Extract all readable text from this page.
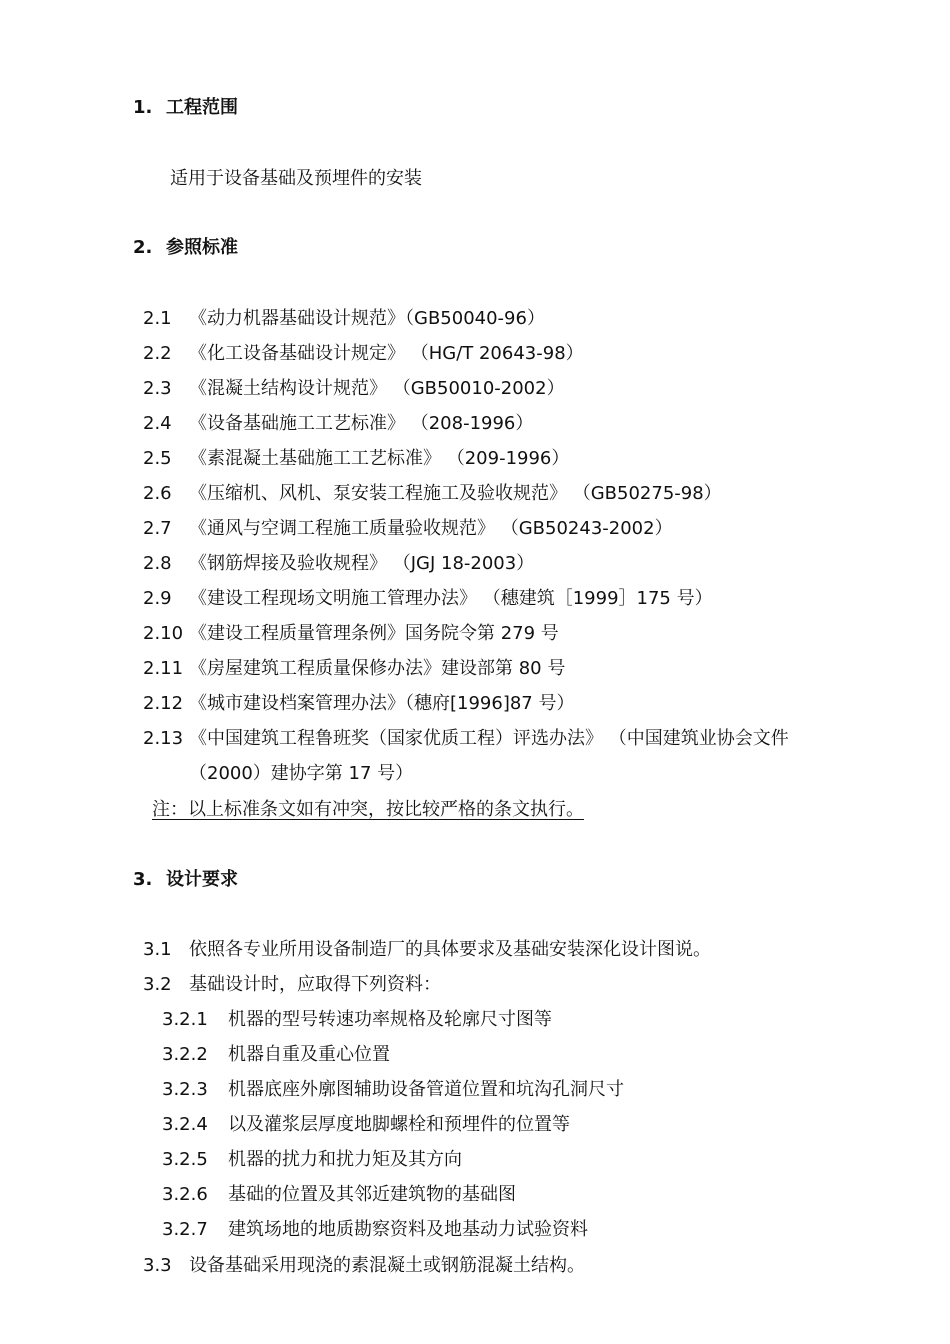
1. 工程范围
适用于设备基础及预埋件的安装
2. 参照标准
2.1 《动力机器基础设计规范》（GB50040-96）
2.2 《化工设备基础设计规定》 （HG/T 20643-98）
2.3 《混凝土结构设计规范》 （GB50010-2002）
2.4 《设备基础施工工艺标准》 （208-1996）
2.5 《素混凝土基础施工工艺标准》 （209-1996）
2.6 《压缩机、风机、泵安装工程施工及验收规范》 （GB50275-98）
2.7 《通风与空调工程施工质量验收规范》 （GB50243-2002）
2.8 《钢筋焊接及验收规程》 （JGJ 18-2003）
2.9 《建设工程现场文明施工管理办法》 （穗建筑［1999］175 号）
2.10 《建设工程质量管理条例》国务院令第 279 号
2.11 《房屋建筑工程质量保修办法》建设部第 80 号
2.12 《城市建设档案管理办法》（穗府[1996]87 号）
2.13 《中国建筑工程鲁班奖（国家优质工程）评选办法》 （中国建筑业协会文件
（2000）建协字第 17 号）
注：以上标准条文如有冲突，按比较严格的条文执行。
3. 设计要求
3.1 依照各专业所用设备制造厂的具体要求及基础安装深化设计图说。
3.2 基础设计时，应取得下列资料：
3.2.1 机器的型号转速功率规格及轮廓尺寸图等
3.2.2 机器自重及重心位置
3.2.3 机器底座外廓图辅助设备管道位置和坑沟孔洞尺寸
3.2.4 以及灌浆层厚度地脚螺栓和预埋件的位置等
3.2.5 机器的扰力和扰力矩及其方向
3.2.6 基础的位置及其邻近建筑物的基础图
3.2.7 建筑场地的地质勘察资料及地基动力试验资料
3.3 设备基础采用现浇的素混凝土或钢筋混凝土结构。
